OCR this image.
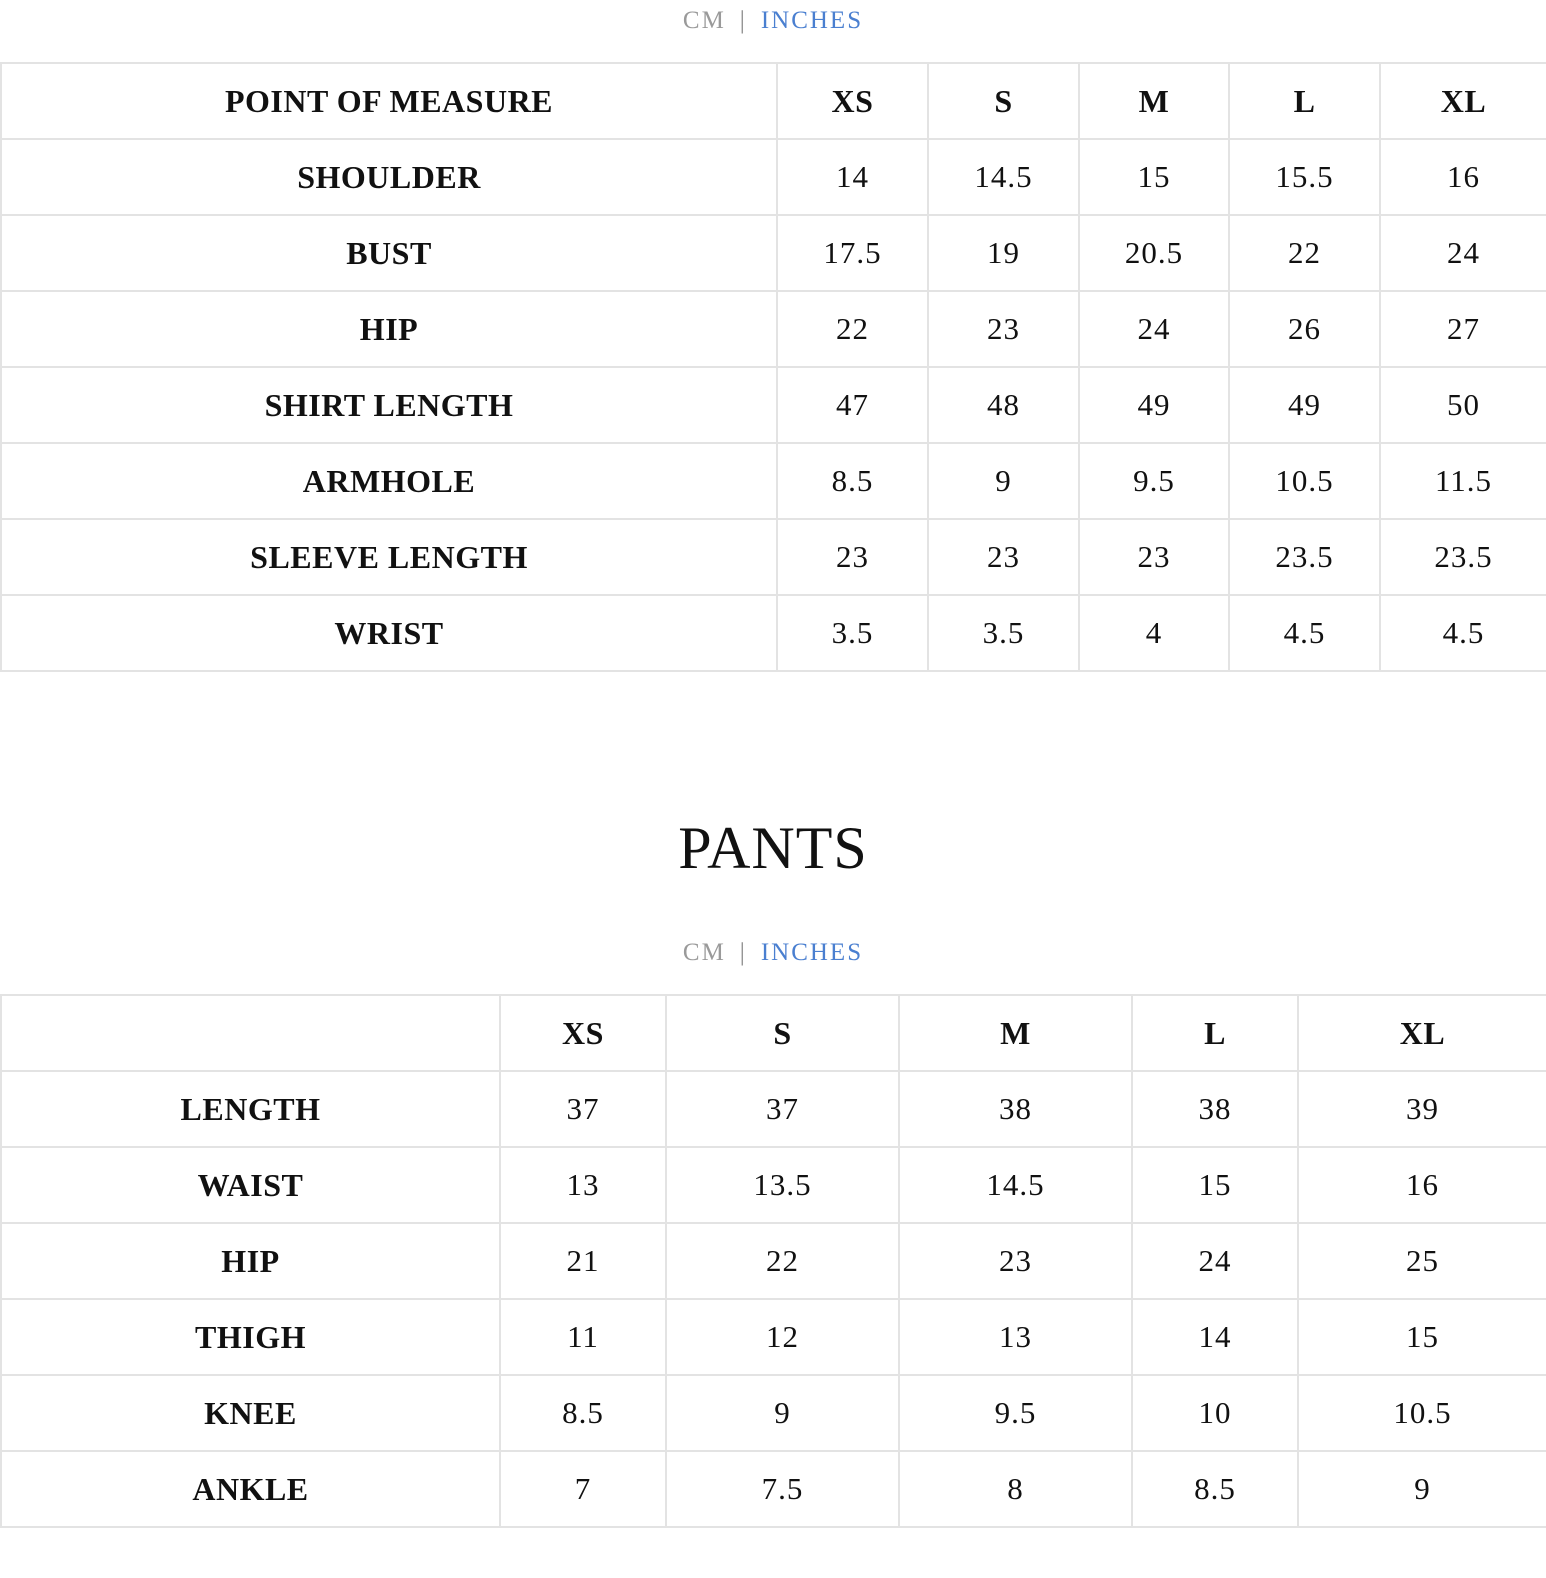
CM | INCHES
POINT OF MEASURE	XS	S	M	L	XL
SHOULDER	14	14.5	15	15.5	16
BUST	17.5	19	20.5	22	24
HIP	22	23	24	26	27
SHIRT LENGTH	47	48	49	49	50
ARMHOLE	8.5	9	9.5	10.5	11.5
SLEEVE LENGTH	23	23	23	23.5	23.5
WRIST	3.5	3.5	4	4.5	4.5
PANTS
CM | INCHES
	XS	S	M	L	XL
LENGTH	37	37	38	38	39
WAIST	13	13.5	14.5	15	16
HIP	21	22	23	24	25
THIGH	11	12	13	14	15
KNEE	8.5	9	9.5	10	10.5
ANKLE	7	7.5	8	8.5	9
